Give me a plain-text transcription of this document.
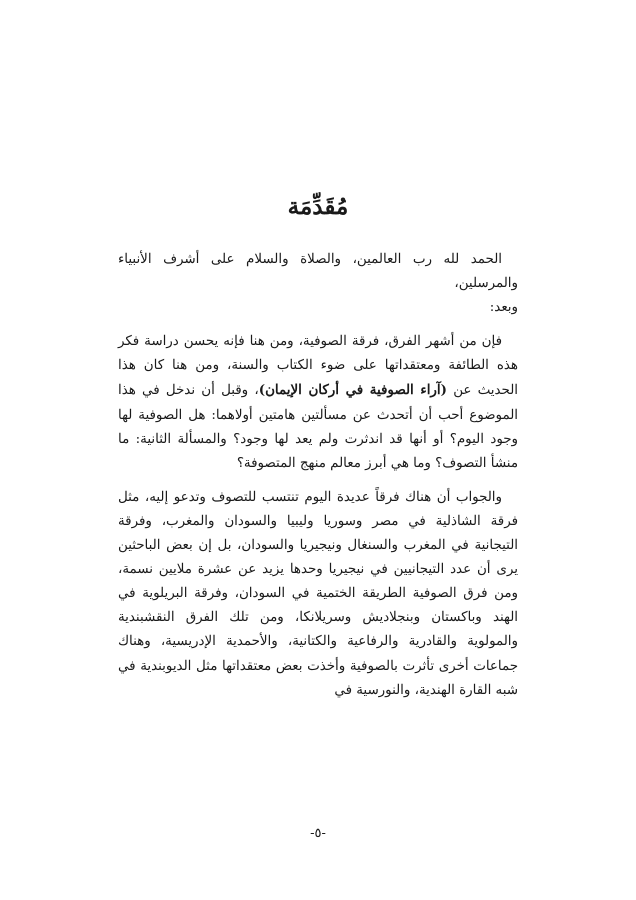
مُقَدِّمَة

الحمد لله رب العالمين، والصلاة والسلام على أشرف الأنبياء والمرسلين،

وبعد:

فإن من أشهر الفرق، فرقة الصوفية، ومن هنا فإنه يحسن دراسة فكر هذه الطائفة ومعتقداتها على ضوء الكتاب والسنة، ومن هنا كان هذا الحديث عن (آراء الصوفية في أركان الإيمان)، وقبل أن ندخل في هذا الموضوع أحب أن أتحدث عن مسألتين هامتين أولاهما: هل الصوفية لها وجود اليوم؟ أو أنها قد اندثرت ولم يعد لها وجود؟ والمسألة الثانية: ما منشأ التصوف؟ وما هي أبرز معالم منهج المتصوفة؟

والجواب أن هناك فرقاً عديدة اليوم تنتسب للتصوف وتدعو إليه، مثل فرقة الشاذلية في مصر وسوريا وليبيا والسودان والمغرب، وفرقة التيجانية في المغرب والسنغال ونيجيريا والسودان، بل إن بعض الباحثين يرى أن عدد التيجانيين في نيجيريا وحدها يزيد عن عشرة ملايين نسمة، ومن فرق الصوفية الطريقة الختمية في السودان، وفرقة البريلوية في الهند وباكستان وبنجلاديش وسريلانكا، ومن تلك الفرق النقشبندية والمولوية والقادرية والرفاعية والكتانية، والأحمدية الإدريسية، وهناك جماعات أخرى تأثرت بالصوفية وأخذت بعض معتقداتها مثل الديوبندية في شبه القارة الهندية، والنورسية في

-٥-
